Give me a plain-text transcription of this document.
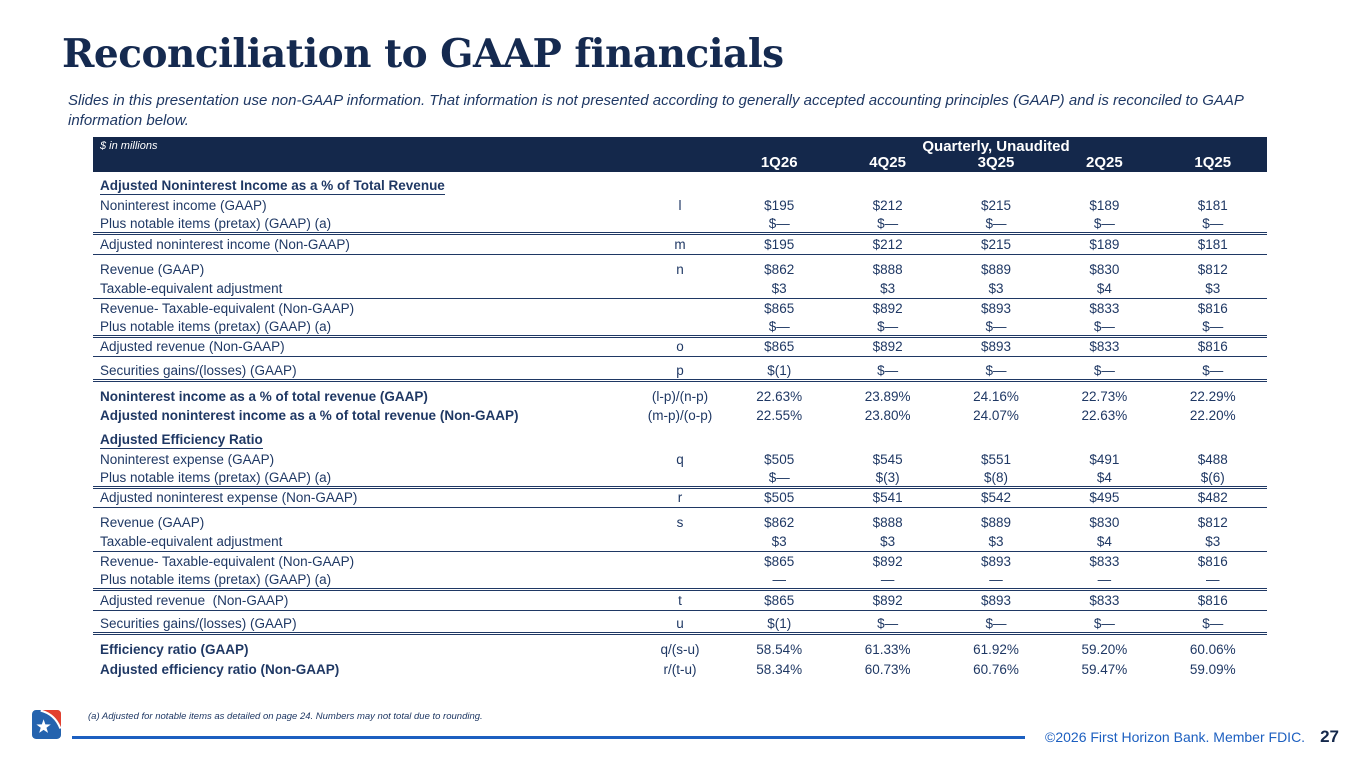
Reconciliation to GAAP financials

Slides in this presentation use non-GAAP information. That information is not presented according to generally accepted accounting principles (GAAP) and is reconciled to GAAP information below.

$ in millions	Quarterly, Unaudited
1Q26	4Q25	3Q25	2Q25	1Q25
Adjusted Noninterest Income as a % of Total Revenue
Noninterest income (GAAP)	l	$195	$212	$215	$189	$181
Plus notable items (pretax) (GAAP) (a)	$—	$—	$—	$—	$—
Adjusted noninterest income (Non-GAAP)	m	$195	$212	$215	$189	$181
Revenue (GAAP)	n	$862	$888	$889	$830	$812
Taxable-equivalent adjustment	$3	$3	$3	$4	$3
Revenue- Taxable-equivalent (Non-GAAP)	$865	$892	$893	$833	$816
Plus notable items (pretax) (GAAP) (a)	$—	$—	$—	$—	$—
Adjusted revenue (Non-GAAP)	o	$865	$892	$893	$833	$816
Securities gains/(losses) (GAAP)	p	$(1)	$—	$—	$—	$—
Noninterest income as a % of total revenue (GAAP)	(l-p)/(n-p)	22.63%	23.89%	24.16%	22.73%	22.29%
Adjusted noninterest income as a % of total revenue (Non-GAAP)	(m-p)/(o-p)	22.55%	23.80%	24.07%	22.63%	22.20%
Adjusted Efficiency Ratio
Noninterest expense (GAAP)	q	$505	$545	$551	$491	$488
Plus notable items (pretax) (GAAP) (a)	$—	$(3)	$(8)	$4	$(6)
Adjusted noninterest expense (Non-GAAP)	r	$505	$541	$542	$495	$482
Revenue (GAAP)	s	$862	$888	$889	$830	$812
Taxable-equivalent adjustment	$3	$3	$3	$4	$3
Revenue- Taxable-equivalent (Non-GAAP)	$865	$892	$893	$833	$816
Plus notable items (pretax) (GAAP) (a)	—	—	—	—	—
Adjusted revenue  (Non-GAAP)	t	$865	$892	$893	$833	$816
Securities gains/(losses) (GAAP)	u	$(1)	$—	$—	$—	$—
Efficiency ratio (GAAP)	q/(s-u)	58.54%	61.33%	61.92%	59.20%	60.06%
Adjusted efficiency ratio (Non-GAAP)	r/(t-u)	58.34%	60.73%	60.76%	59.47%	59.09%
(a) Adjusted for notable items as detailed on page 24. Numbers may not total due to rounding.
©2026 First Horizon Bank. Member FDIC. 27
